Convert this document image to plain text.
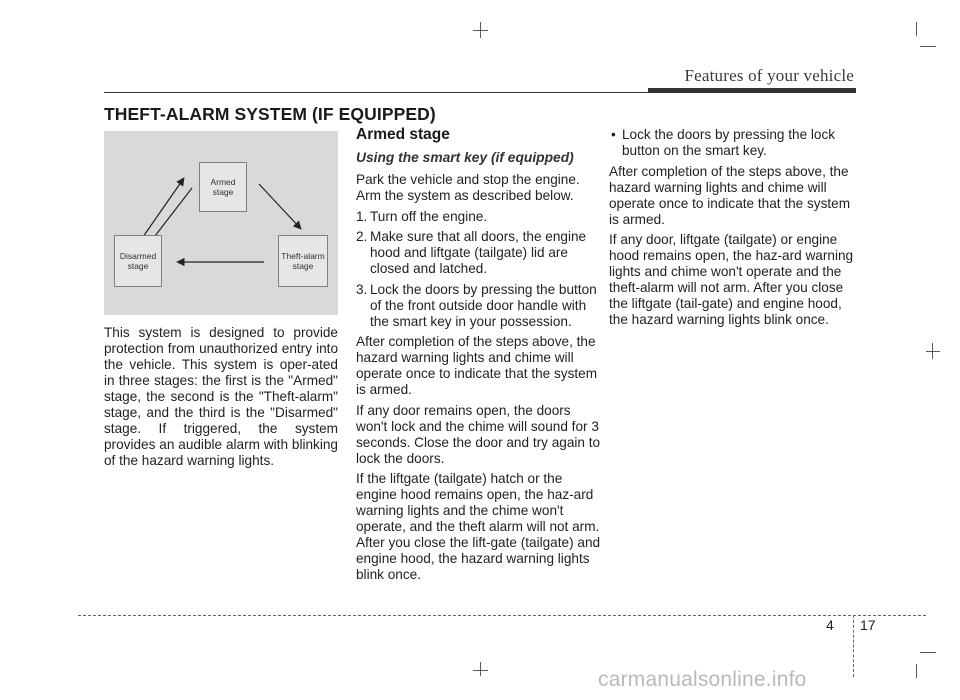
Features of your vehicle
THEFT-ALARM SYSTEM (IF EQUIPPED)
Armed stage
Disarmed stage
Theft-alarm stage

This system is designed to provide protection from unauthorized entry into the vehicle. This system is oper-ated in three stages: the first is the "Armed" stage, the second is the "Theft-alarm" stage, and the third is the "Disarmed" stage. If triggered, the system provides an audible alarm with blinking of the hazard warning lights.

Armed stage

Using the smart key (if equipped)

Park the vehicle and stop the engine. Arm the system as described below.

1. Turn off the engine.
2. Make sure that all doors, the engine hood and liftgate (tailgate) lid are closed and latched.
3. Lock the doors by pressing the button of the front outside door handle with the smart key in your possession.

After completion of the steps above, the hazard warning lights and chime will operate once to indicate that the system is armed.

If any door remains open, the doors won't lock and the chime will sound for 3 seconds. Close the door and try again to lock the doors.

If the liftgate (tailgate) hatch or the engine hood remains open, the haz-ard warning lights and the chime won't operate, and the theft alarm will not arm. After you close the lift-gate (tailgate) and engine hood, the hazard warning lights blink once.

• Lock the doors by pressing the lock button on the smart key.

After completion of the steps above, the hazard warning lights and chime will operate once to indicate that the system is armed.

If any door, liftgate (tailgate) or engine hood remains open, the haz-ard warning lights and chime won't operate and the theft-alarm will not arm. After you close the liftgate (tail-gate) and engine hood, the hazard warning lights blink once.

4 17
carmanualsonline.info
